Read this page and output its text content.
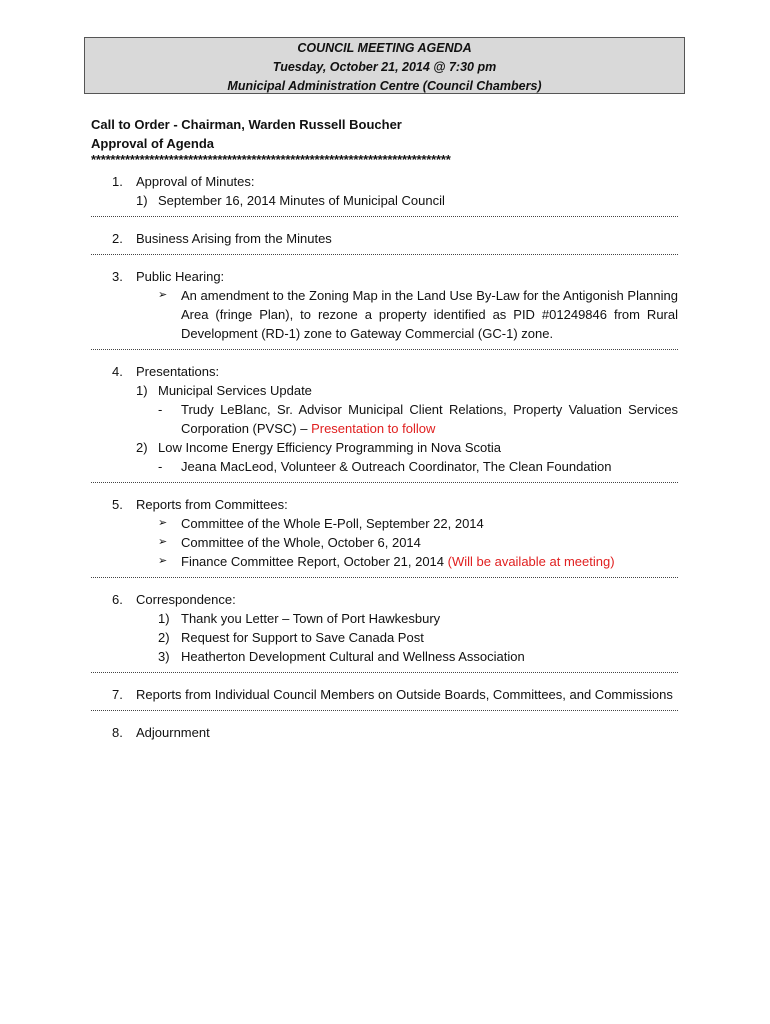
COUNCIL MEETING AGENDA
Tuesday, October 21, 2014 @ 7:30 pm
Municipal Administration Centre (Council Chambers)
Call to Order - Chairman, Warden Russell Boucher
Approval of Agenda
**************************************************************************
1. Approval of Minutes:
1) September 16, 2014 Minutes of Municipal Council
2. Business Arising from the Minutes
3. Public Hearing:
➢ An amendment to the Zoning Map in the Land Use By-Law for the Antigonish Planning Area (fringe Plan), to rezone a property identified as PID #01249846 from Rural Development (RD-1) zone to Gateway Commercial (GC-1) zone.
4. Presentations:
1) Municipal Services Update
- Trudy LeBlanc, Sr. Advisor Municipal Client Relations, Property Valuation Services Corporation (PVSC) – Presentation to follow
2) Low Income Energy Efficiency Programming in Nova Scotia
- Jeana MacLeod, Volunteer & Outreach Coordinator, The Clean Foundation
5. Reports from Committees:
➢ Committee of the Whole E-Poll, September 22, 2014
➢ Committee of the Whole, October 6, 2014
➢ Finance Committee Report, October 21, 2014 (Will be available at meeting)
6. Correspondence:
1) Thank you Letter – Town of Port Hawkesbury
2) Request for Support to Save Canada Post
3) Heatherton Development Cultural and Wellness Association
7. Reports from Individual Council Members on Outside Boards, Committees, and Commissions
8. Adjournment
